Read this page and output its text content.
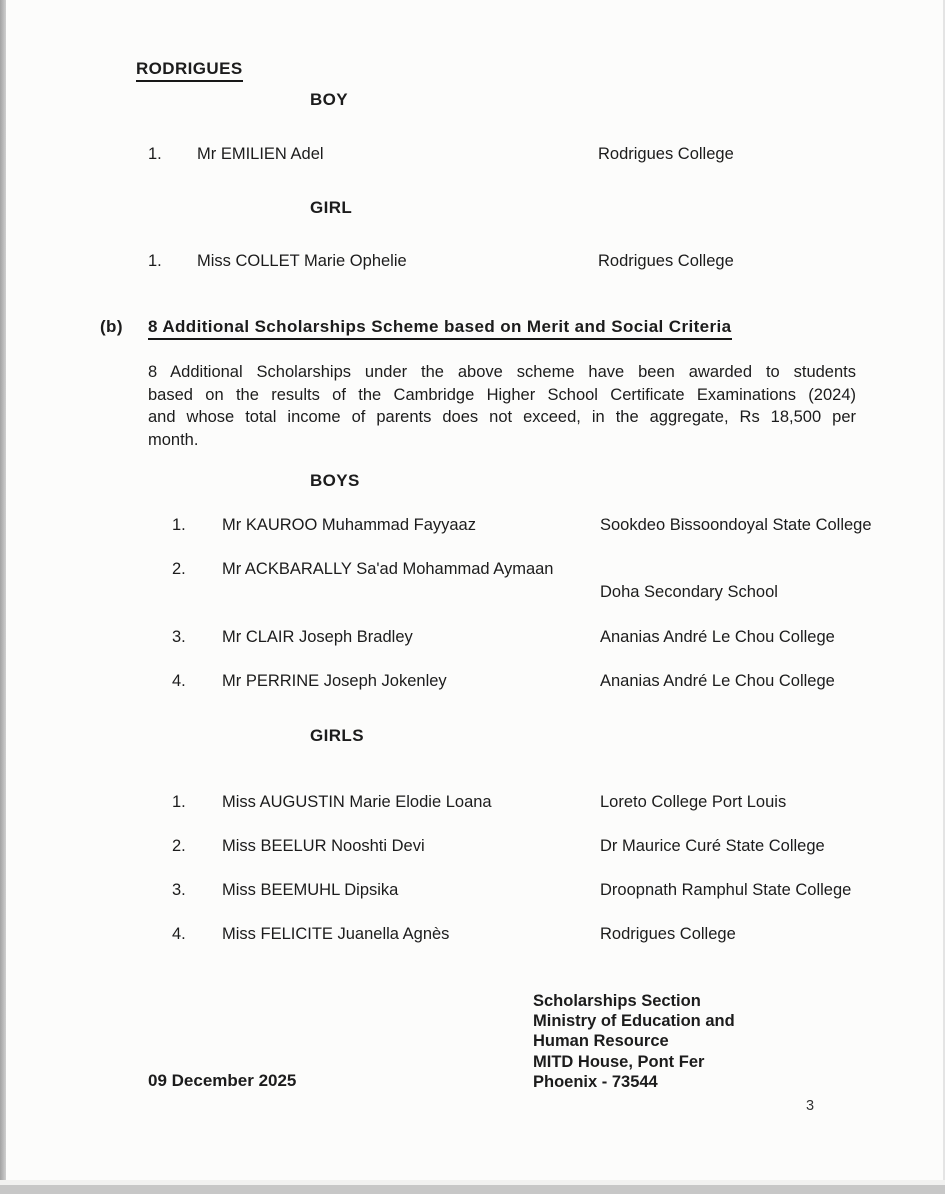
RODRIGUES
BOY
1. Mr EMILIEN Adel	Rodrigues College
GIRL
1. Miss COLLET Marie Ophelie	Rodrigues College
(b) 8 Additional Scholarships Scheme based on Merit and Social Criteria
8 Additional Scholarships under the above scheme have been awarded to students
based on the results of the Cambridge Higher School Certificate Examinations (2024)
and whose total income of parents does not exceed, in the aggregate, Rs 18,500 per
month.
BOYS
1. Mr KAUROO Muhammad Fayyaaz	Sookdeo Bissoondoyal State College
2. Mr ACKBARALLY Sa'ad Mohammad Aymaan
Doha Secondary School
3. Mr CLAIR Joseph Bradley	Ananias André Le Chou College
4. Mr PERRINE Joseph Jokenley	Ananias André Le Chou College
GIRLS
1. Miss AUGUSTIN Marie Elodie Loana	Loreto College Port Louis
2. Miss BEELUR Nooshti Devi	Dr Maurice Curé State College
3. Miss BEEMUHL Dipsika	Droopnath Ramphul State College
4. Miss FELICITE Juanella Agnès	Rodrigues College
Scholarships Section
Ministry of Education and
Human Resource
MITD House, Pont Fer
Phoenix - 73544
09 December 2025
3
